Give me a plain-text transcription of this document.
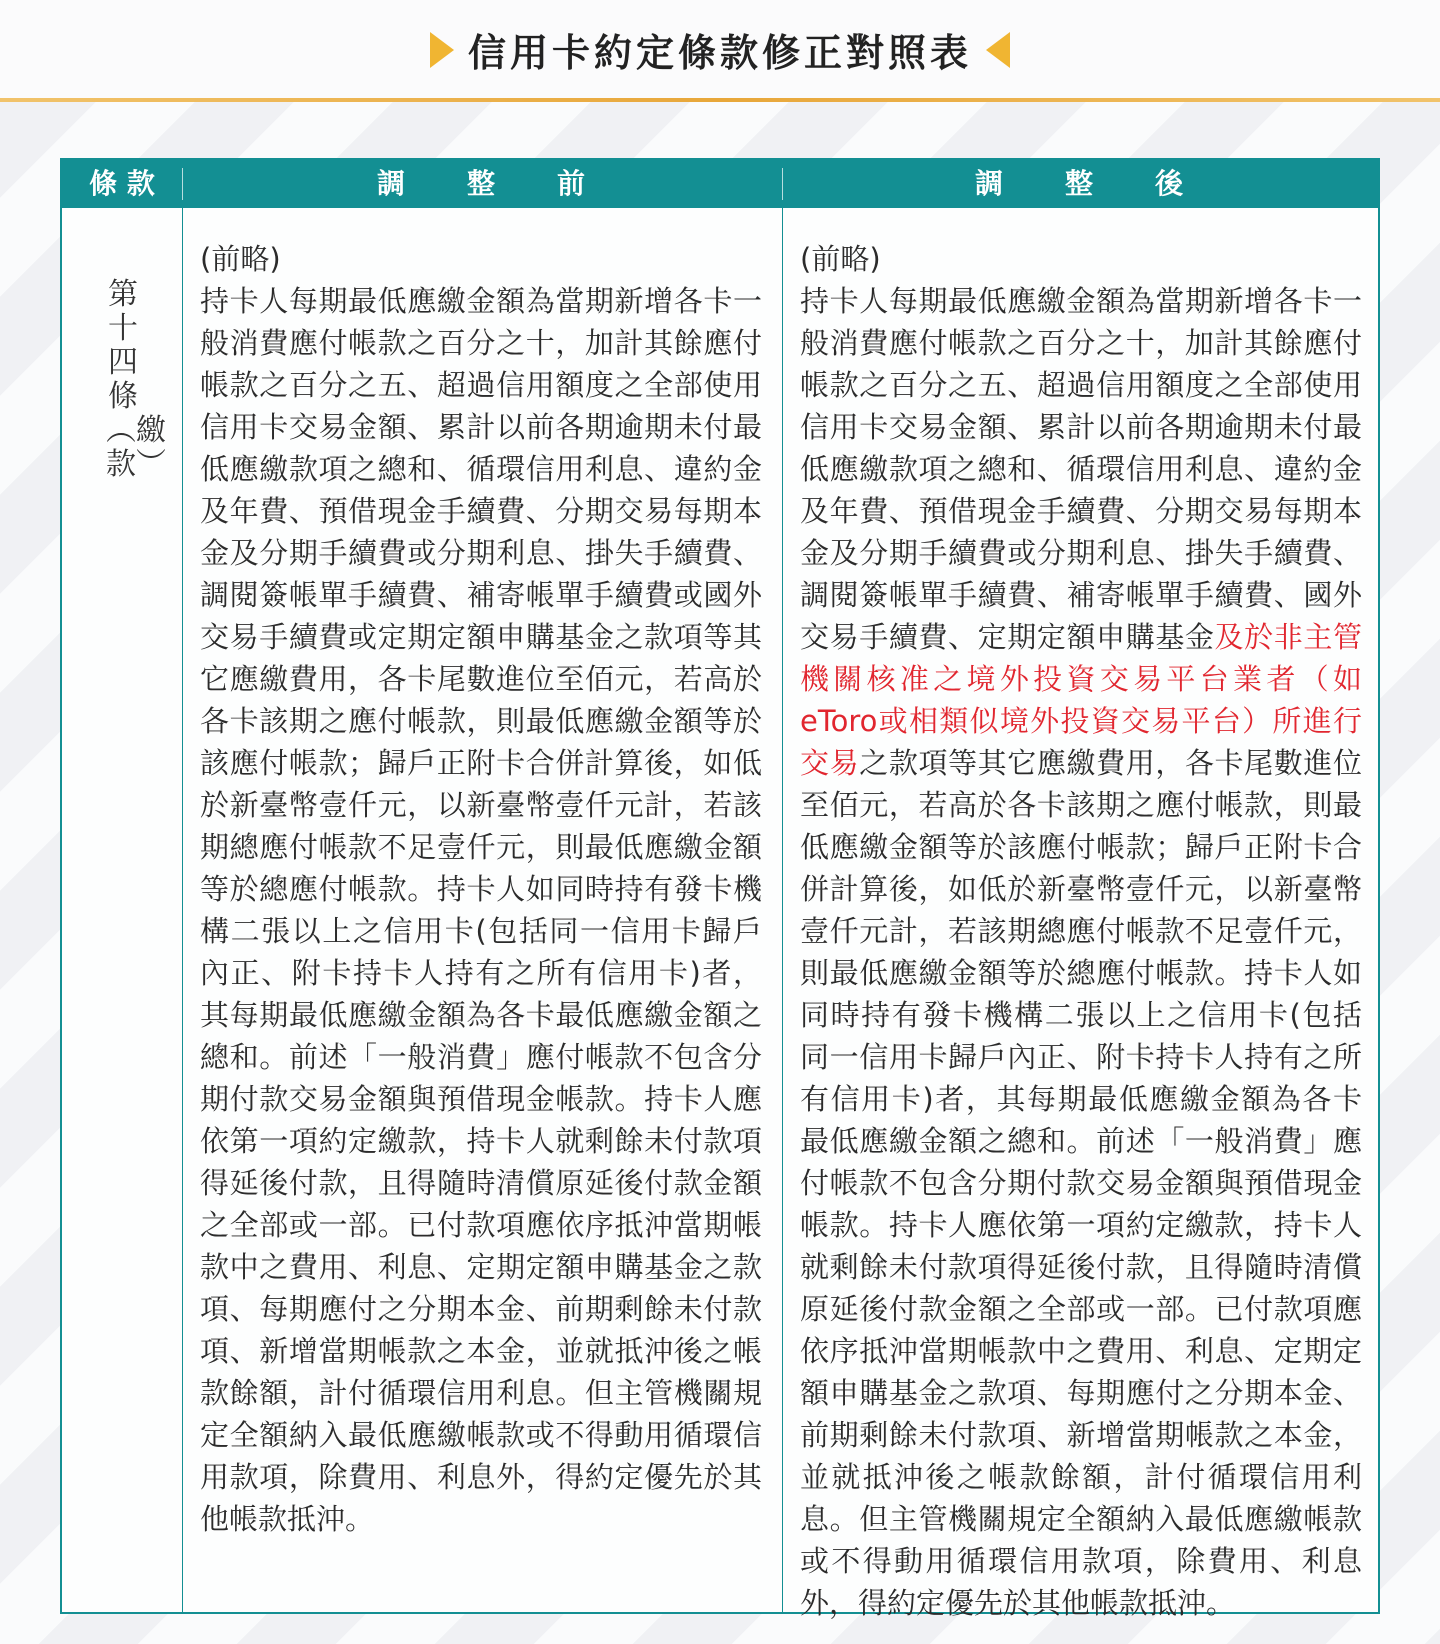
信用卡約定條款修正對照表
條 款	調　　整　　前	調　　整　　後
第十四條︵繳款︶
(前略)
持卡人每期最低應繳金額為當期新增各卡一般消費應付帳款之百分之十，加計其餘應付帳款之百分之五、超過信用額度之全部使用信用卡交易金額、累計以前各期逾期未付最低應繳款項之總和、循環信用利息、違約金及年費、預借現金手續費、分期交易每期本金及分期手續費或分期利息、掛失手續費、調閱簽帳單手續費、補寄帳單手續費或國外交易手續費或定期定額申購基金之款項等其它應繳費用，各卡尾數進位至佰元，若高於各卡該期之應付帳款，則最低應繳金額等於該應付帳款；歸戶正附卡合併計算後，如低於新臺幣壹仟元，以新臺幣壹仟元計，若該期總應付帳款不足壹仟元，則最低應繳金額等於總應付帳款。持卡人如同時持有發卡機構二張以上之信用卡(包括同一信用卡歸戶內正、附卡持卡人持有之所有信用卡)者，其每期最低應繳金額為各卡最低應繳金額之總和。前述「一般消費」應付帳款不包含分期付款交易金額與預借現金帳款。持卡人應依第一項約定繳款，持卡人就剩餘未付款項得延後付款，且得隨時清償原延後付款金額之全部或一部。已付款項應依序抵沖當期帳款中之費用、利息、定期定額申購基金之款項、每期應付之分期本金、前期剩餘未付款項、新增當期帳款之本金，並就抵沖後之帳款餘額，計付循環信用利息。但主管機關規定全額納入最低應繳帳款或不得動用循環信用款項，除費用、利息外，得約定優先於其他帳款抵沖。
(前略)
持卡人每期最低應繳金額為當期新增各卡一般消費應付帳款之百分之十，加計其餘應付帳款之百分之五、超過信用額度之全部使用信用卡交易金額、累計以前各期逾期未付最低應繳款項之總和、循環信用利息、違約金及年費、預借現金手續費、分期交易每期本金及分期手續費或分期利息、掛失手續費、調閱簽帳單手續費、補寄帳單手續費、國外交易手續費、定期定額申購基金及於非主管機關核准之境外投資交易平台業者（如eToro或相類似境外投資交易平台）所進行交易之款項等其它應繳費用，各卡尾數進位至佰元，若高於各卡該期之應付帳款，則最低應繳金額等於該應付帳款；歸戶正附卡合併計算後，如低於新臺幣壹仟元，以新臺幣壹仟元計，若該期總應付帳款不足壹仟元，則最低應繳金額等於總應付帳款。持卡人如同時持有發卡機構二張以上之信用卡(包括同一信用卡歸戶內正、附卡持卡人持有之所有信用卡)者，其每期最低應繳金額為各卡最低應繳金額之總和。前述「一般消費」應付帳款不包含分期付款交易金額與預借現金帳款。持卡人應依第一項約定繳款，持卡人就剩餘未付款項得延後付款，且得隨時清償原延後付款金額之全部或一部。已付款項應依序抵沖當期帳款中之費用、利息、定期定額申購基金之款項、每期應付之分期本金、前期剩餘未付款項、新增當期帳款之本金，並就抵沖後之帳款餘額，計付循環信用利息。但主管機關規定全額納入最低應繳帳款或不得動用循環信用款項，除費用、利息外，得約定優先於其他帳款抵沖。
